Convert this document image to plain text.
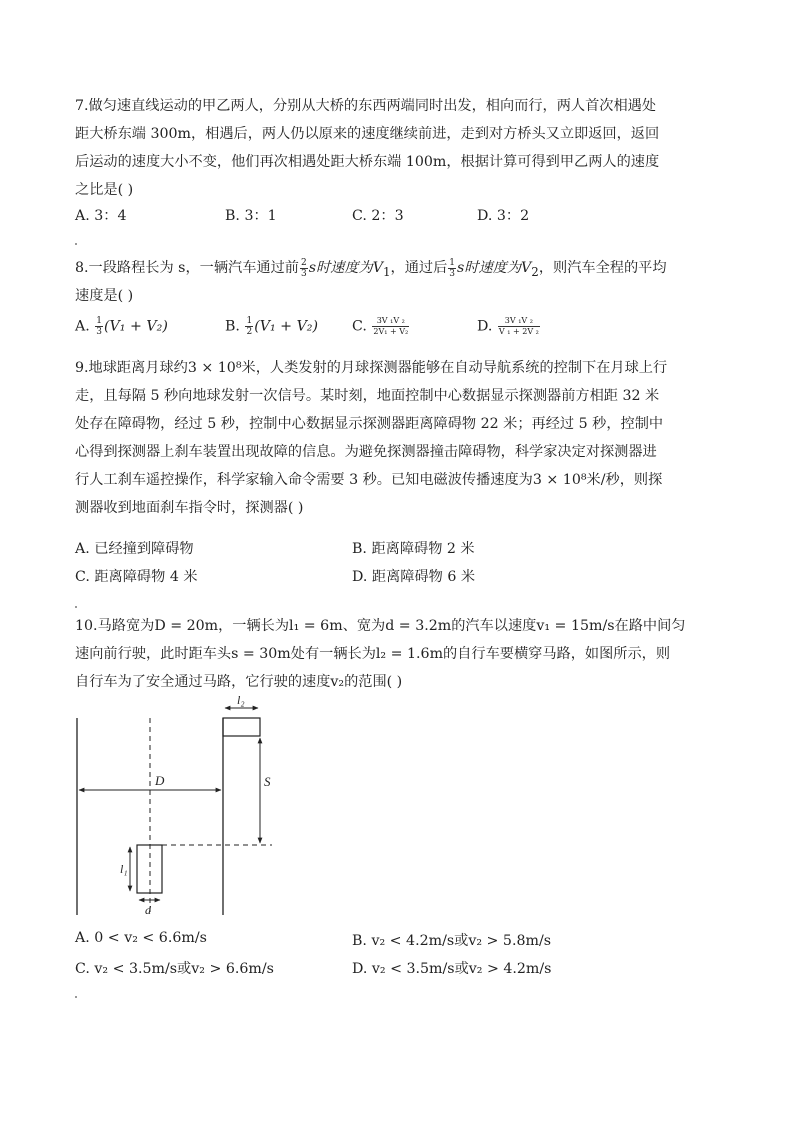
7.做匀速直线运动的甲乙两人，分别从大桥的东西两端同时出发，相向而行，两人首次相遇处
距大桥东端 300m，相遇后，两人仍以原来的速度继续前进，走到对方桥头又立即返回，返回
后运动的速度大小不变，他们再次相遇处距大桥东端 100m，根据计算可得到甲乙两人的速度
之比是( )
A. 3：4	B. 3：1	C. 2：3	D. 3：2
8.一段路程长为 s，一辆汽车通过前 $\frac{2}{3}$ s时速度为$V_1$，通过后 $\frac{1}{3}$ s时速度为$V_2$，则汽车全程的平均
速度是( )
A. $\frac{1}{3} (V_1 + V_2)$	B. $\frac{1}{2} (V_1 + V_2)$ C. $\frac{\text{3V ₁V ₂}}{\text{2V₁ + V₂}}$	D. $\frac{\text{3V ₁V ₂}}{\text{V ₁ + 2V ₂}}$
9.地球距离月球约3 × 10⁸米，人类发射的月球探测器能够在自动导航系统的控制下在月球上行
走，且每隔 5 秒向地球发射一次信号。某时刻，地面控制中心数据显示探测器前方相距 32 米
处存在障碍物，经过 5 秒，控制中心数据显示探测器距离障碍物 22 米；再经过 5 秒，控制中
心得到探测器上刹车装置出现故障的信息。为避免探测器撞击障碍物，科学家决定对探测器进
行人工刹车遥控操作，科学家输入命令需要 3 秒。已知电磁波传播速度为3 × 10⁸米/秒，则探
测器收到地面刹车指令时，探测器( )
A. 已经撞到障碍物	B. 距离障碍物 2 米
C. 距离障碍物 4 米	D. 距离障碍物 6 米
10.马路宽为D = 20m，一辆长为l₁ = 6m、宽为d = 3.2m的汽车以速度v₁ = 15m/s在路中间匀
速向前行驶，此时距车头s = 30m处有一辆长为l₂ = 1.6m的自行车要横穿马路，如图所示，则
自行车为了安全通过马路，它行驶的速度v₂的范围( )
l₂
D	S
l₁
d
A. 0 < v₂ < 6.6m/s	B. v₂ < 4.2m/s或v₂ > 5.8m/s
C. v₂ < 3.5m/s或v₂ > 6.6m/s	D. v₂ < 3.5m/s或v₂ > 4.2m/s
